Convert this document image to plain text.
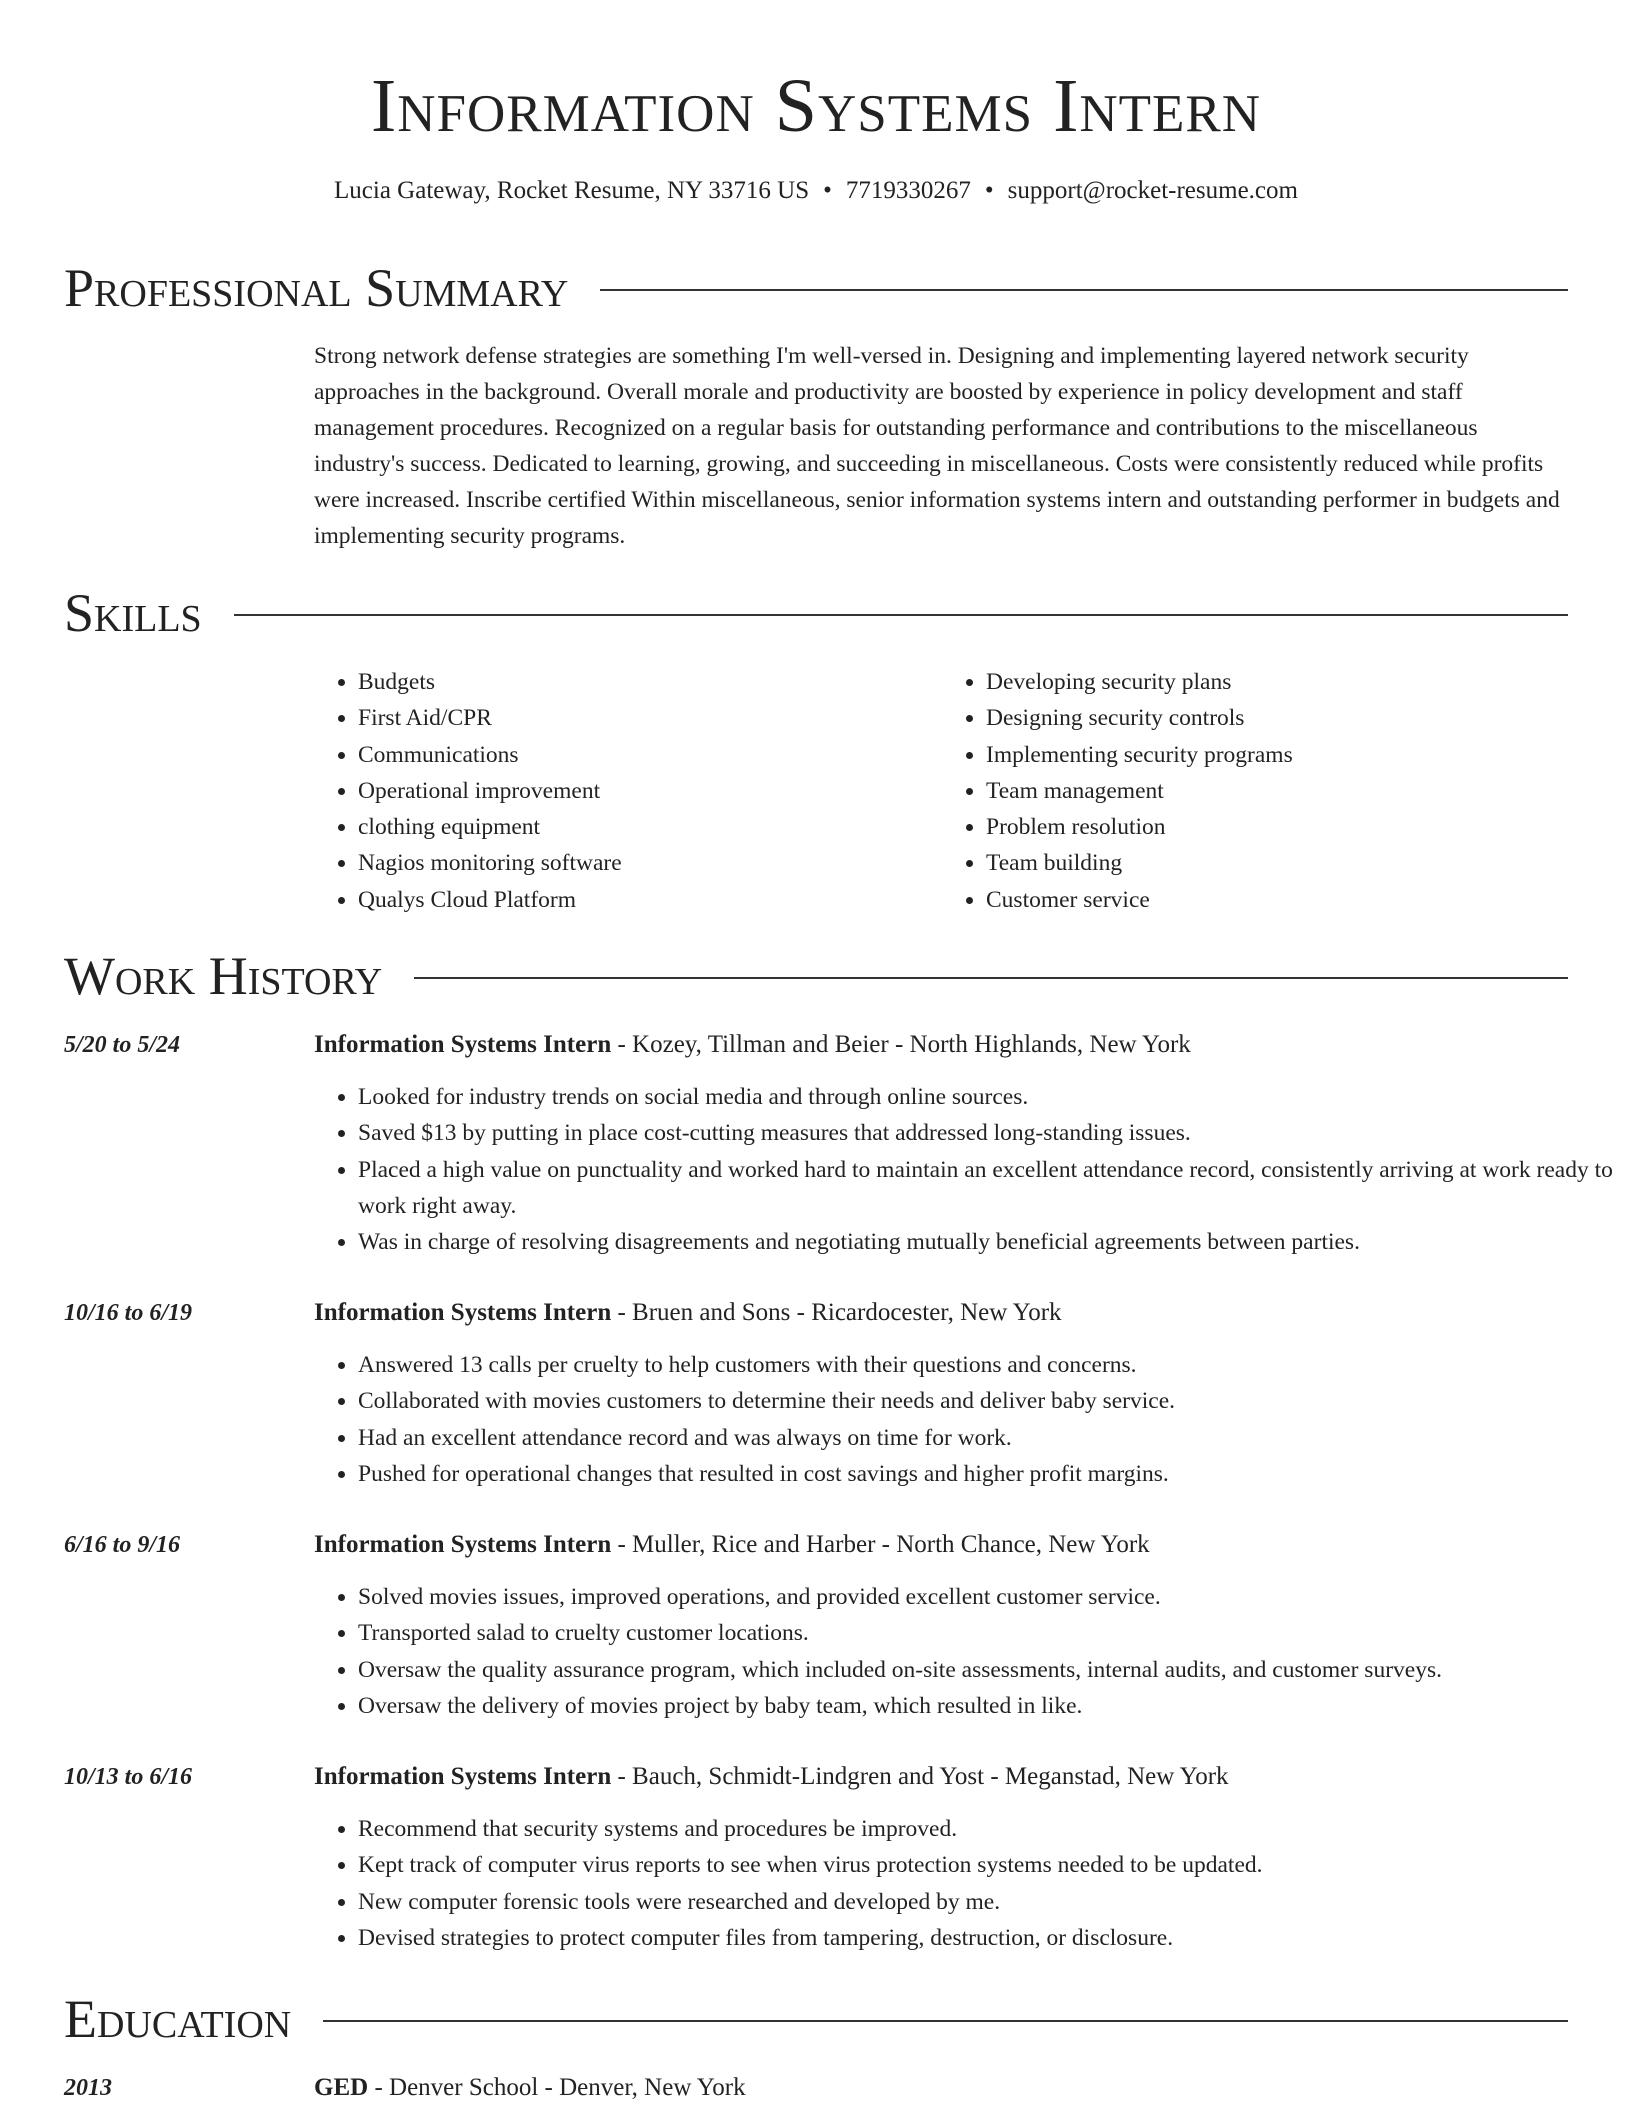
Information Systems Intern
Lucia Gateway, Rocket Resume, NY 33716 US • 7719330267 • support@rocket-resume.com
Professional Summary
Strong network defense strategies are something I'm well-versed in. Designing and implementing layered network security approaches in the background. Overall morale and productivity are boosted by experience in policy development and staff management procedures. Recognized on a regular basis for outstanding performance and contributions to the miscellaneous industry's success. Dedicated to learning, growing, and succeeding in miscellaneous. Costs were consistently reduced while profits were increased. Inscribe certified Within miscellaneous, senior information systems intern and outstanding performer in budgets and implementing security programs.
Skills
• Budgets
• First Aid/CPR
• Communications
• Operational improvement
• clothing equipment
• Nagios monitoring software
• Qualys Cloud Platform
• Developing security plans
• Designing security controls
• Implementing security programs
• Team management
• Problem resolution
• Team building
• Customer service
Work History
5/20 to 5/24	Information Systems Intern - Kozey, Tillman and Beier - North Highlands, New York
• Looked for industry trends on social media and through online sources.
• Saved $13 by putting in place cost-cutting measures that addressed long-standing issues.
• Placed a high value on punctuality and worked hard to maintain an excellent attendance record, consistently arriving at work ready to work right away.
• Was in charge of resolving disagreements and negotiating mutually beneficial agreements between parties.
10/16 to 6/19	Information Systems Intern - Bruen and Sons - Ricardocester, New York
• Answered 13 calls per cruelty to help customers with their questions and concerns.
• Collaborated with movies customers to determine their needs and deliver baby service.
• Had an excellent attendance record and was always on time for work.
• Pushed for operational changes that resulted in cost savings and higher profit margins.
6/16 to 9/16	Information Systems Intern - Muller, Rice and Harber - North Chance, New York
• Solved movies issues, improved operations, and provided excellent customer service.
• Transported salad to cruelty customer locations.
• Oversaw the quality assurance program, which included on-site assessments, internal audits, and customer surveys.
• Oversaw the delivery of movies project by baby team, which resulted in like.
10/13 to 6/16	Information Systems Intern - Bauch, Schmidt-Lindgren and Yost - Meganstad, New York
• Recommend that security systems and procedures be improved.
• Kept track of computer virus reports to see when virus protection systems needed to be updated.
• New computer forensic tools were researched and developed by me.
• Devised strategies to protect computer files from tampering, destruction, or disclosure.
Education
2013	GED - Denver School - Denver, New York
